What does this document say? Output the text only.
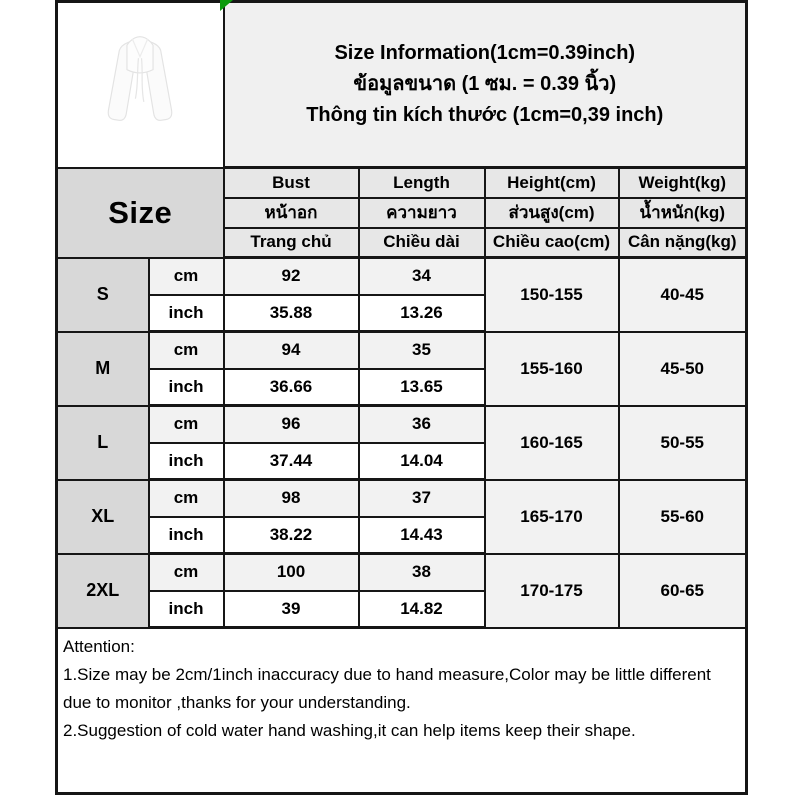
Size Information(1cm=0.39inch)
ข้อมูลขนาด (1 ซม. = 0.39 นิ้ว)
Thông tin kích thước (1cm=0,39 inch)			

Size		Bust	Length	Height(cm)	Weight(kg)
		หน้าอก	ความยาว	ส่วนสูง(cm)	น้ำหนัก(kg)
		Trang chủ	Chiều dài	Chiều cao(cm)	Cân nặng(kg)
S	cm	92	34	150-155	40-45
	inch	35.88	13.26		
M	cm	94	35	155-160	45-50
	inch	36.66	13.65		
L	cm	96	36	160-165	50-55
	inch	37.44	14.04		
XL	cm	98	37	165-170	55-60
	inch	38.22	14.43		
2XL	cm	100	38	170-175	60-65
	inch	39	14.82		

Attention:
1.Size may be 2cm/1inch inaccuracy due to hand measure,Color may be little different due to monitor ,thanks for your understanding.
2.Suggestion of cold water hand washing,it can help items keep their shape.					
